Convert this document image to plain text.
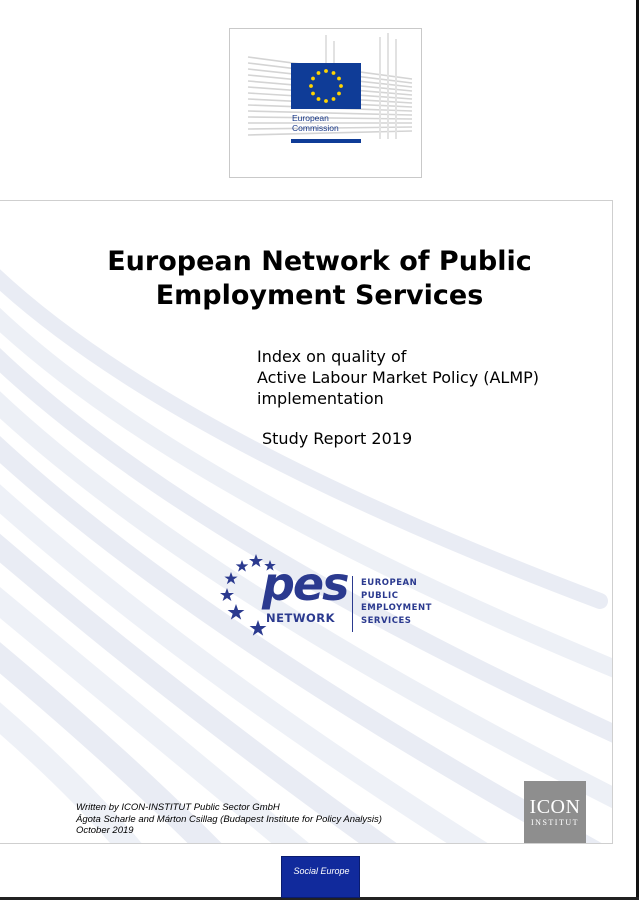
European
Commission
European Network of Public
Employment Services
Index on quality of
Active Labour Market Policy (ALMP)
implementation
Study Report 2019
pes
NETWORK
EUROPEAN
PUBLIC
EMPLOYMENT
SERVICES
Written by ICON-INSTITUT Public Sector GmbH
Ágota Scharle and Márton Csillag (Budapest Institute for Policy Analysis)
October 2019
ICON
INSTITUT
Social Europe
